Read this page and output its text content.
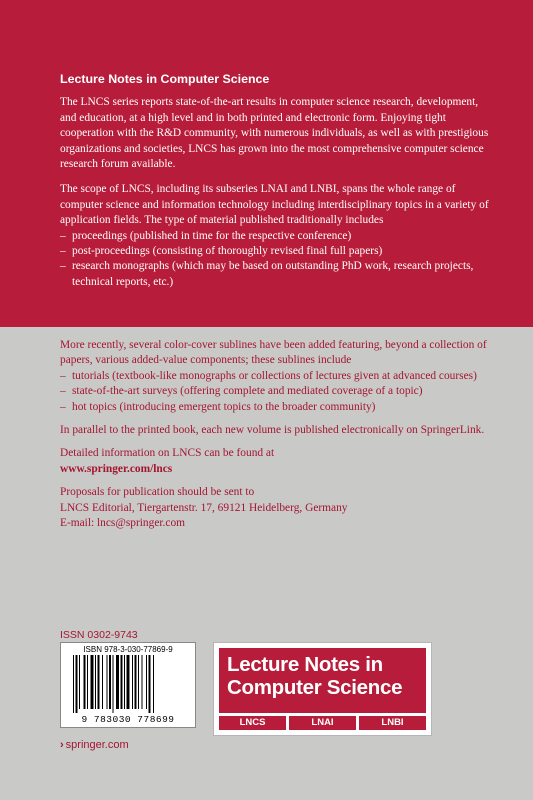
Lecture Notes in Computer Science

The LNCS series reports state-of-the-art results in computer science research, development, and education, at a high level and in both printed and electronic form. Enjoying tight cooperation with the R&D community, with numerous individuals, as well as with prestigious organizations and societies, LNCS has grown into the most comprehensive computer science research forum available.

The scope of LNCS, including its subseries LNAI and LNBI, spans the whole range of computer science and information technology including interdisciplinary topics in a variety of application fields. The type of material published traditionally includes

– proceedings (published in time for the respective conference)
– post-proceedings (consisting of thoroughly revised final full papers)
– research monographs (which may be based on outstanding PhD work, research projects, technical reports, etc.)

More recently, several color-cover sublines have been added featuring, beyond a collection of papers, various added-value components; these sublines include

– tutorials (textbook-like monographs or collections of lectures given at advanced courses)
– state-of-the-art surveys (offering complete and mediated coverage of a topic)
– hot topics (introducing emergent topics to the broader community)

In parallel to the printed book, each new volume is published electronically on SpringerLink.

Detailed information on LNCS can be found at

www.springer.com/lncs

Proposals for publication should be sent to

LNCS Editorial, Tiergartenstr. 17, 69121 Heidelberg, Germany

E-mail: lncs@springer.com

ISSN 0302-9743
ISBN 978-3-030-77869-9
9 783030 778699
Lecture Notes in Computer Science
LNCS	LNAI	LNBI
› springer.com
